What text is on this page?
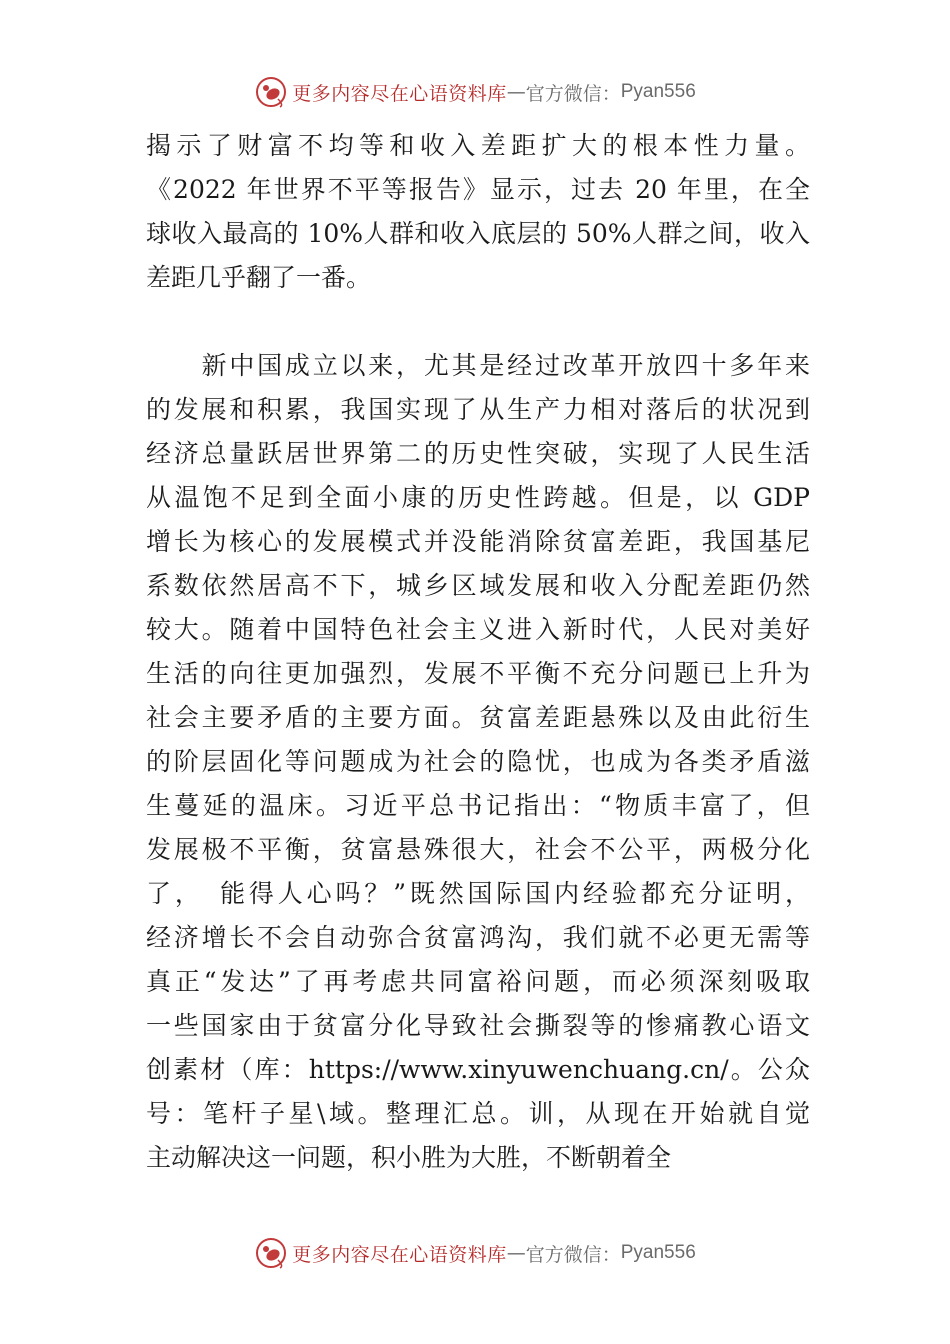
更多内容尽在心语资料库 — 官方微信： Pyan556
揭示了财富不均等和收入差距扩大的根本性力量。
《2022 年世界不平等报告》显示，过去 20 年里，在全
球收入最高的 10%人群和收入底层的 50%人群之间，收入
差距几乎翻了一番。
　　新中国成立以来，尤其是经过改革开放四十多年来
的发展和积累，我国实现了从生产力相对落后的状况到
经济总量跃居世界第二的历史性突破，实现了人民生活
从温饱不足到全面小康的历史性跨越。但是，以 GDP
增长为核心的发展模式并没能消除贫富差距，我国基尼
系数依然居高不下，城乡区域发展和收入分配差距仍然
较大。随着中国特色社会主义进入新时代，人民对美好
生活的向往更加强烈，发展不平衡不充分问题已上升为
社会主要矛盾的主要方面。贫富差距悬殊以及由此衍生
的阶层固化等问题成为社会的隐忧，也成为各类矛盾滋
生蔓延的温床。习近平总书记指出：“物质丰富了，但
发展极不平衡，贫富悬殊很大，社会不公平，两极分化
了，　能得人心吗？”既然国际国内经验都充分证明，
经济增长不会自动弥合贫富鸿沟，我们就不必更无需等
真正“发达”了再考虑共同富裕问题，而必须深刻吸取
一些国家由于贫富分化导致社会撕裂等的惨痛教心语文
创素材（库：https://www.xinyuwenchuang.cn/。公众
号：笔杆子星\域。整理汇总。训，从现在开始就自觉
主动解决这一问题，积小胜为大胜，不断朝着全
更多内容尽在心语资料库 — 官方微信： Pyan556
